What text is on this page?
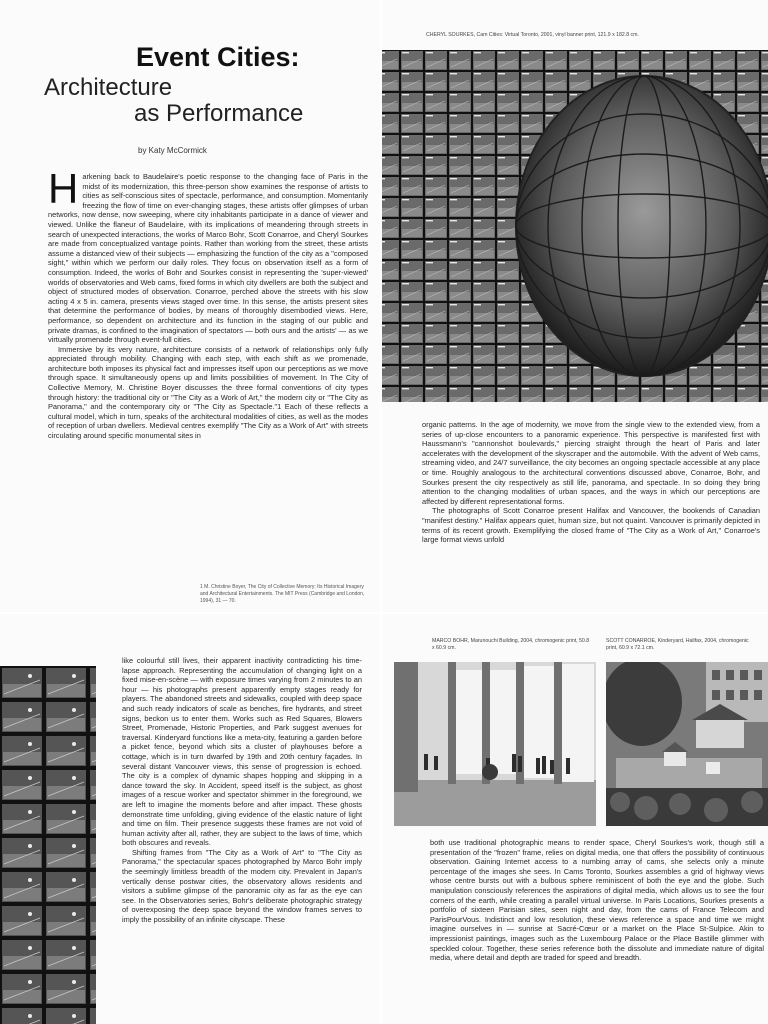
Event Cities:
Architecture
as Performance
by Katy McCormick

Harkening back to Baudelaire's poetic response to the changing face of Paris in the midst of its modernization, this three-person show examines the response of artists to cities as self-conscious sites of spectacle, performance, and consumption. Momentarily freezing the flow of time on ever-changing stages, these artists offer glimpses of urban networks, now dense, now sweeping, where city inhabitants participate in a dance of viewer and viewed. Unlike the flaneur of Baudelaire, with its implications of meandering through streets in search of unexpected interactions, the works of Marco Bohr, Scott Conarroe, and Cheryl Sourkes are made from conceptualized vantage points. Rather than working from the street, these artists assume a distanced view of their subjects — emphasizing the function of the city as a "composed sight," within which we perform our daily roles. They focus on observation itself as a form of consumption. Indeed, the works of Bohr and Sourkes consist in representing the 'super-viewed' worlds of observatories and Web cams, fixed forms in which city dwellers are both the subject and object of structured modes of observation. Conarroe, perched above the streets with his slow acting 4 x 5 in. camera, presents views staged over time. In this sense, the artists present sites that determine the performance of bodies, by means of thoroughly disembodied views. Here, performance, so dependent on architecture and its function in the staging of our public and private dramas, is confined to the imagination of spectators — both ours and the artists' — as we virtually promenade through event-full cities.

Immersive by its very nature, architecture consists of a network of relationships only fully appreciated through mobility. Changing with each step, with each shift as we promenade, architecture both imposes its physical fact and impresses itself upon our perceptions as we move through space. It simultaneously opens up and limits possibilities of movement. In The City of Collective Memory, M. Christine Boyer discusses the three formal conventions of city types through history: the traditional city or "The City as a Work of Art," the modern city or "The City as Panorama," and the contemporary city or "The City as Spectacle."1 Each of these reflects a cultural model, which in turn, speaks of the architectural modalities of cities, as well as the modes of reception of urban dwellers. Medieval centres exemplify "The City as a Work of Art" with streets circulating around specific monumental sites in

1 M. Christine Boyer, The City of Collective Memory: Its Historical Imagery and Architectural Entertainments. The MIT Press (Cambridge and London, 1994), 31 — 70.
CHERYL SOURKES, Cam Cities: Virtual Toronto, 2001, vinyl banner print, 121.9 x 182.8 cm.

organic patterns. In the age of modernity, we move from the single view to the extended view, from a series of up-close encounters to a panoramic experience. This perspective is manifested first with Haussmann's "cannonshot boulevards," piercing straight through the heart of Paris and later accelerates with the development of the skyscraper and the automobile. With the advent of Web cams, streaming video, and 24/7 surveillance, the city becomes an ongoing spectacle accessible at any place or time. Roughly analogous to the architectural conventions discussed above, Conarroe, Bohr, and Sourkes present the city respectively as still life, panorama, and spectacle. In so doing they bring attention to the changing modalities of urban spaces, and the ways in which our perceptions are affected by different representational forms.

The photographs of Scott Conarroe present Halifax and Vancouver, the bookends of Canadian "manifest destiny." Halifax appears quiet, human size, but not quaint. Vancouver is primarily depicted in terms of its recent growth. Exemplifying the closed frame of "The City as a Work of Art," Conarroe's large format views unfold

like colourful still lives, their apparent inactivity contradicting his time-lapse approach. Representing the accumulation of changing light on a fixed mise-en-scène — with exposure times varying from 2 minutes to an hour — his photographs present apparently empty stages ready for players. The abandoned streets and sidewalks, coupled with deep space and such ready indicators of scale as benches, fire hydrants, and street signs, beckon us to enter them. Works such as Red Squares, Blowers Street, Promenade, Historic Properties, and Park suggest avenues for traversal. Kinderyard functions like a meta-city, featuring a garden before a picket fence, beyond which sits a cluster of playhouses before a cottage, which is in turn dwarfed by 19th and 20th century façades. In several distant Vancouver views, this sense of progression is echoed. The city is a complex of dynamic shapes hopping and skipping in a dance toward the sky. In Accident, speed itself is the subject, as ghost images of a rescue worker and spectator shimmer in the foreground, we are left to imagine the moments before and after impact. These ghosts demonstrate time unfolding, giving evidence of the elastic nature of light and time on film. Their presence suggests these frames are not void of human activity after all, rather, they are subject to the laws of time, which both obscures and reveals.

Shifting frames from "The City as a Work of Art" to "The City as Panorama," the spectacular spaces photographed by Marco Bohr imply the seemingly limitless breadth of the modern city. Prevalent in Japan's vertically dense postwar cities, the observatory allows residents and visitors a sublime glimpse of the panoramic city as far as the eye can see. In the Observatories series, Bohr's deliberate photographic strategy of overexposing the deep space beyond the window frames serves to imply the possibility of an infinite cityscape. These

MARCO BOHR, Marunouchi Building, 2004, chromogenic print, 50.8 x 60.9 cm.
SCOTT CONARROE, Kinderyard, Halifax, 2004, chromogenic print, 60.9 x 72.1 cm.

both use traditional photographic means to render space, Cheryl Sourkes's work, though still a presentation of the "frozen" frame, relies on digital media, one that offers the possibility of continuous observation. Gaining Internet access to a numbing array of cams, she selects only a minute percentage of the images she sees. In Cams Toronto, Sourkes assembles a grid of highway views whose centre bursts out with a bulbous sphere reminiscent of both the eye and the globe. Such manipulation consciously references the aspirations of digital media, which allows us to see the four corners of the earth, while creating a parallel virtual universe. In Paris Locations, Sourkes presents a portfolio of sixteen Parisian sites, seen night and day, from the cams of France Telecom and ParisPourVous. Indistinct and low resolution, these views reference a space and time we might imagine ourselves in — sunrise at Sacré-Cœur or a market on the Place St-Sulpice. Akin to impressionist paintings, images such as the Luxembourg Palace or the Place Bastille glimmer with speckled colour. Together, these series reference both the dissolute and immediate nature of digital media, where detail and depth are traded for speed and breadth.
